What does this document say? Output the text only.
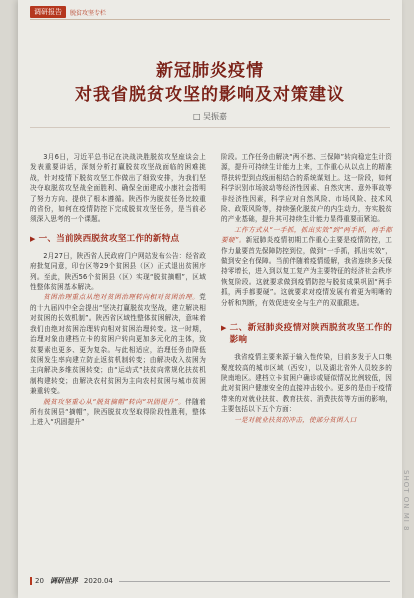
调研报告	脱贫攻坚专栏
新冠肺炎疫情
对我省脱贫攻坚的影响及对策建议
□ 吴振嘉

3月6日，习近平总书记在决战决胜脱贫攻坚座谈会上发表重要讲话，深刻分析打赢脱贫攻坚战面临的困难挑战，针对疫情下脱贫攻坚工作做出了细致安排，为我们坚决夺取脱贫攻坚战全面胜利、确保全面建成小康社会指明了努力方向、提供了根本遵循。陕西作为脱贫任务比较重的省份，如何在疫情防控下完成脱贫攻坚任务，是当前必须深入思考的一个课题。

▶ 一、当前陕西脱贫攻坚工作的新特点

2月27日，陕西省人民政府门户网站发布公告：经省政府批复同意，印台区等29个贫困县（区）正式退出贫困序列。至此，陕西56个贫困县（区）实现“脱贫摘帽”，区域性整体贫困基本解决。

贫困治理重点从绝对贫困治理转向相对贫困治理。党的十九届四中全会提出“坚决打赢脱贫攻坚战，建立解决相对贫困的长效机制”。陕西省区域性整体贫困解决，意味着我们由绝对贫困治理转向相对贫困治理转变。这一时期，治理对象由建档立卡的贫困户转向更加多元化的主体，致贫要素也更多、更为复杂。与此相适应，治理任务由降低贫困发生率向建立防止返贫机制转变；由解决收入贫困为主向解决多维贫困转变；由“运动式”扶贫向常规化扶贫机制构建转变；由解决农村贫困为主向农村贫困与城市贫困兼重转变。

脱贫攻坚重心从“脱贫摘帽”转向“巩固提升”。伴随着所有贫困县“摘帽”，陕西脱贫攻坚取得阶段性胜利，整体上进入“巩固提升”

阶段。工作任务由解决“两不愁、三保障”转向稳定生计资源，提升可持续生计能力上来，工作重心从以点上的精准帮扶转型到点线面相结合的系统谋划上。这一阶段，如何科学识别市场波动等经济性因素、自然灾害、意外事故等非经济性因素，科学应对自然风险、市场风险、技术风险、政策风险等，持续强化脱贫户的内生动力，夯实脱贫的产业基础，提升其可持续生计能力显得重要而紧迫。

工作方式从“一手抓，抓出实效”到“两手抓，两手都要硬”。新冠肺炎疫情初期工作重心主要是疫情防控，工作力量要首先保障防控到位，做到“一手抓，抓出实效”，做到安全有保障。当前伴随着疫情缓解，我省连续多天保持零增长，进入到以复工复产为主要特征的经济社会秩序恢复阶段。这就要求做到疫情防控与脱贫成果巩固“两手抓，两手都要硬”。这就要求对疫情发展有着更为明晰的分析和判断，有效促进安全与生产的双重跟进。

▶ 二、新冠肺炎疫情对陕西脱贫攻坚工作的影响

我省疫情主要来源于输入性传染，目前多发于人口集聚度较高的城市区域（西安），以及湖北省外人员较多的陕南地区。建档立卡贫困户确诊或疑似情况比例较低，因此对贫困户健康安全的直接冲击较小。更多的是由于疫情带来的对就业扶贫、教育扶贫、消费扶贫等方面的影响，主要包括以下五个方面：

一是对就业扶贫的冲击，使部分贫困人口

20 调研世界 2020.04
SHOT ON MI 8
